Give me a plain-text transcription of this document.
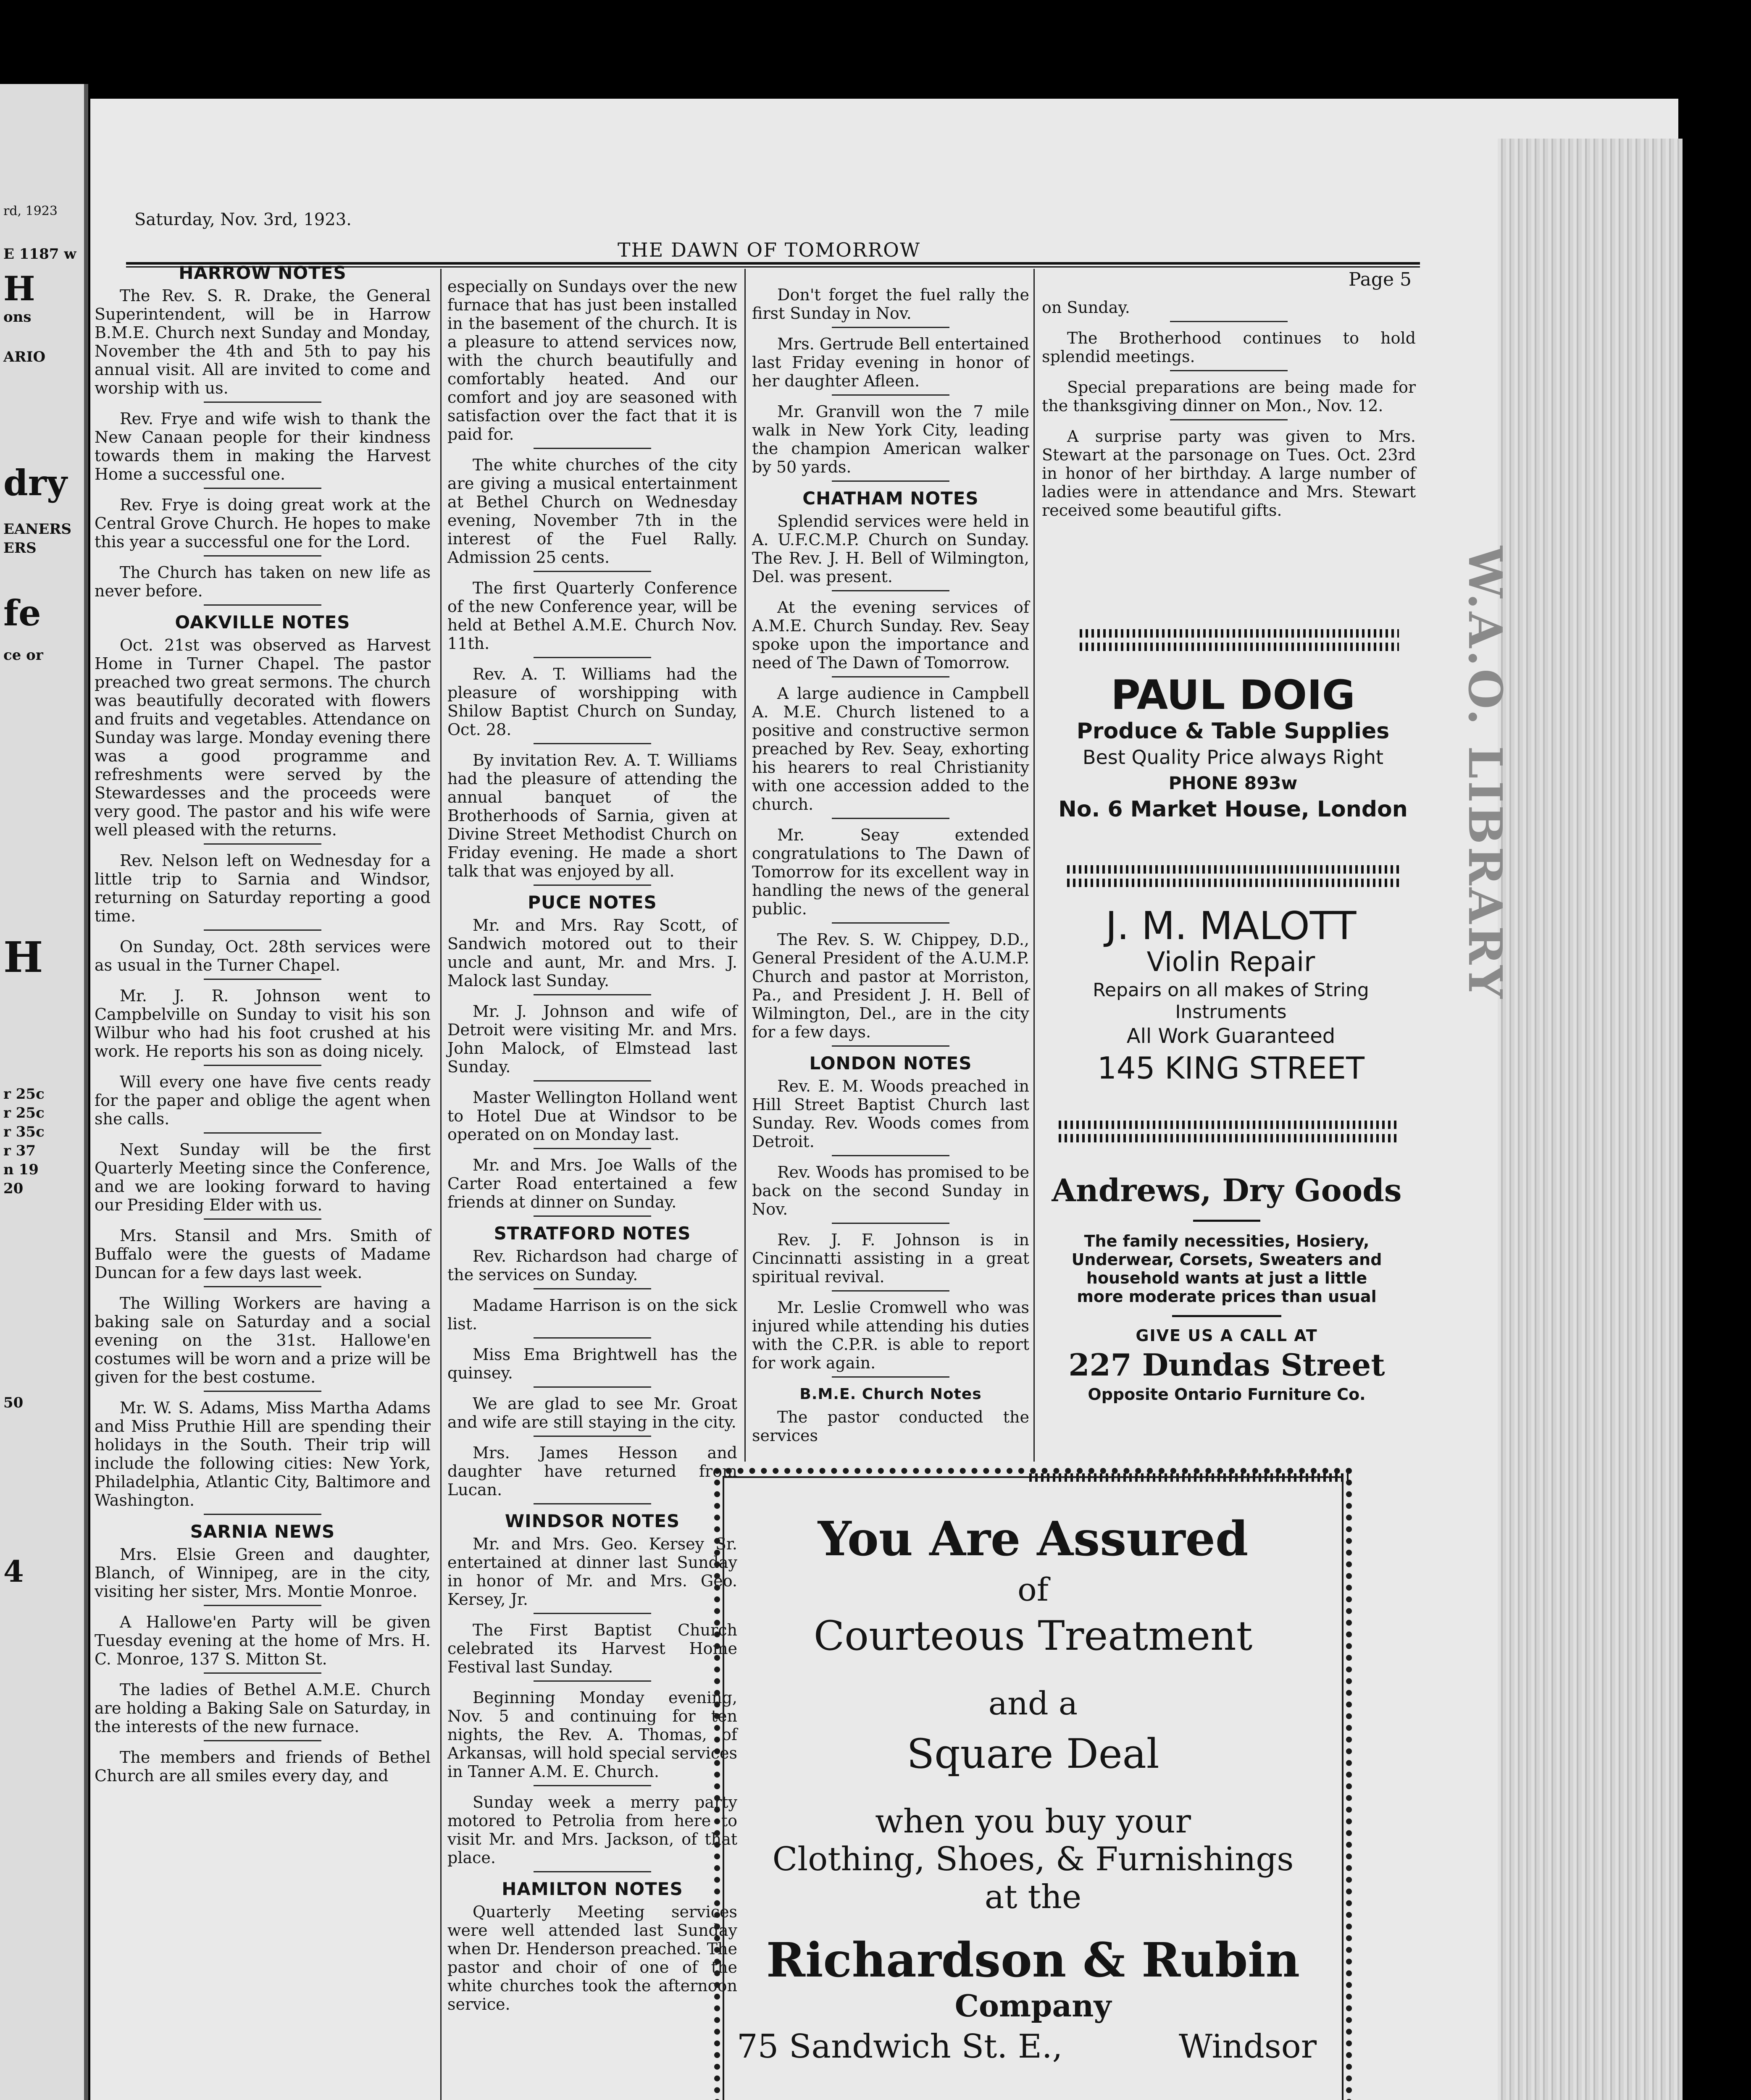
rd, 1923
E 1187 w
H
ons
ARIO
dry
EANERS
ERS
fe
ce or
H
r 25c
r 25c
r 35c
r 37
n 19
20
50
4
W.A.O. LIBRARY
Saturday, Nov. 3rd, 1923.
THE DAWN OF TOMORROW
Page 5
HARROW NOTES

The Rev. S. R. Drake, the General Superintendent, will be in Harrow B.M.E. Church next Sunday and Monday, November the 4th and 5th to pay his annual visit. All are invited to come and worship with us.

Rev. Frye and wife wish to thank the New Canaan people for their kindness towards them in making the Harvest Home a successful one.

Rev. Frye is doing great work at the Central Grove Church. He hopes to make this year a successful one for the Lord.

The Church has taken on new life as never before.

OAKVILLE NOTES

Oct. 21st was observed as Harvest Home in Turner Chapel. The pastor preached two great sermons. The church was beautifully decorated with flowers and fruits and vegetables. Attendance on Sunday was large. Monday evening there was a good programme and refreshments were served by the Stewardesses and the proceeds were very good. The pastor and his wife were well pleased with the returns.

Rev. Nelson left on Wednesday for a little trip to Sarnia and Windsor, returning on Saturday reporting a good time.

On Sunday, Oct. 28th services were as usual in the Turner Chapel.

Mr. J. R. Johnson went to Campbelville on Sunday to visit his son Wilbur who had his foot crushed at his work. He reports his son as doing nicely.

Will every one have five cents ready for the paper and oblige the agent when she calls.

Next Sunday will be the first Quarterly Meeting since the Conference, and we are looking forward to having our Presiding Elder with us.

Mrs. Stansil and Mrs. Smith of Buffalo were the guests of Madame Duncan for a few days last week.

The Willing Workers are having a baking sale on Saturday and a social evening on the 31st. Hallowe'en costumes will be worn and a prize will be given for the best costume.

Mr. W. S. Adams, Miss Martha Adams and Miss Pruthie Hill are spending their holidays in the South. Their trip will include the following cities: New York, Philadelphia, Atlantic City, Baltimore and Washington.

SARNIA NEWS

Mrs. Elsie Green and daughter, Blanch, of Winnipeg, are in the city, visiting her sister, Mrs. Montie Monroe.

A Hallowe'en Party will be given Tuesday evening at the home of Mrs. H. C. Monroe, 137 S. Mitton St.

The ladies of Bethel A.M.E. Church are holding a Baking Sale on Saturday, in the interests of the new furnace.

The members and friends of Bethel Church are all smiles every day, and

especially on Sundays over the new furnace that has just been installed in the basement of the church. It is a pleasure to attend services now, with the church beautifully and comfortably heated. And our comfort and joy are seasoned with satisfaction over the fact that it is paid for.

The white churches of the city are giving a musical entertainment at Bethel Church on Wednesday evening, November 7th in the interest of the Fuel Rally. Admission 25 cents.

The first Quarterly Conference of the new Conference year, will be held at Bethel A.M.E. Church Nov. 11th.

Rev. A. T. Williams had the pleasure of worshipping with Shilow Baptist Church on Sunday, Oct. 28.

By invitation Rev. A. T. Williams had the pleasure of attending the annual banquet of the Brotherhoods of Sarnia, given at Divine Street Methodist Church on Friday evening. He made a short talk that was enjoyed by all.

PUCE NOTES

Mr. and Mrs. Ray Scott, of Sandwich motored out to their uncle and aunt, Mr. and Mrs. J. Malock last Sunday.

Mr. J. Johnson and wife of Detroit were visiting Mr. and Mrs. John Malock, of Elmstead last Sunday.

Master Wellington Holland went to Hotel Due at Windsor to be operated on on Monday last.

Mr. and Mrs. Joe Walls of the Carter Road entertained a few friends at dinner on Sunday.

STRATFORD NOTES

Rev. Richardson had charge of the services on Sunday.

Madame Harrison is on the sick list.

Miss Ema Brightwell has the quinsey.

We are glad to see Mr. Groat and wife are still staying in the city.

Mrs. James Hesson and daughter have returned from Lucan.

WINDSOR NOTES

Mr. and Mrs. Geo. Kersey Sr. entertained at dinner last Sunday in honor of Mr. and Mrs. Geo. Kersey, Jr.

The First Baptist Church celebrated its Harvest Home Festival last Sunday.

Beginning Monday evening, Nov. 5 and continuing for ten nights, the Rev. A. Thomas, of Arkansas, will hold special services in Tanner A.M. E. Church.

Sunday week a merry party motored to Petrolia from here to visit Mr. and Mrs. Jackson, of that place.

HAMILTON NOTES

Quarterly Meeting services were well attended last Sunday when Dr. Henderson preached. The pastor and choir of one of the white churches took the afternoon service.

Don't forget the fuel rally the first Sunday in Nov.

Mrs. Gertrude Bell entertained last Friday evening in honor of her daughter Afleen.

Mr. Granvill won the 7 mile walk in New York City, leading the champion American walker by 50 yards.

CHATHAM NOTES

Splendid services were held in A. U.F.C.M.P. Church on Sunday. The Rev. J. H. Bell of Wilmington, Del. was present.

At the evening services of A.M.E. Church Sunday. Rev. Seay spoke upon the importance and need of The Dawn of Tomorrow.

A large audience in Campbell A. M.E. Church listened to a positive and constructive sermon preached by Rev. Seay, exhorting his hearers to real Christianity with one accession added to the church.

Mr. Seay extended congratulations to The Dawn of Tomorrow for its excellent way in handling the news of the general public.

The Rev. S. W. Chippey, D.D., General President of the A.U.M.P. Church and pastor at Morriston, Pa., and President J. H. Bell of Wilmington, Del., are in the city for a few days.

LONDON NOTES

Rev. E. M. Woods preached in Hill Street Baptist Church last Sunday. Rev. Woods comes from Detroit.

Rev. Woods has promised to be back on the second Sunday in Nov.

Rev. J. F. Johnson is in Cincinnatti assisting in a great spiritual revival.

Mr. Leslie Cromwell who was injured while attending his duties with the C.P.R. is able to report for work again.

B.M.E. Church Notes

The pastor conducted the services

on Sunday.

The Brotherhood continues to hold splendid meetings.

Special preparations are being made for the thanksgiving dinner on Mon., Nov. 12.

A surprise party was given to Mrs. Stewart at the parsonage on Tues. Oct. 23rd in honor of her birthday. A large number of ladies were in attendance and Mrs. Stewart received some beautiful gifts.

PAUL DOIG
Produce & Table Supplies
Best Quality Price always Right
PHONE 893w
No. 6 Market House, London
J. M. MALOTT
Violin Repair
Repairs on all makes of String Instruments
All Work Guaranteed
145 KING STREET
Andrews, Dry Goods
The family necessities, Hosiery, Underwear, Corsets, Sweaters and household wants at just a little more moderate prices than usual
GIVE US A CALL AT
227 Dundas Street
Opposite Ontario Furniture Co.
You Are Assured
of
Courteous Treatment
and a
Square Deal
when you buy your
Clothing, Shoes, & Furnishings
at the
Richardson & Rubin
Company
75 Sandwich St. E.,	Windsor
